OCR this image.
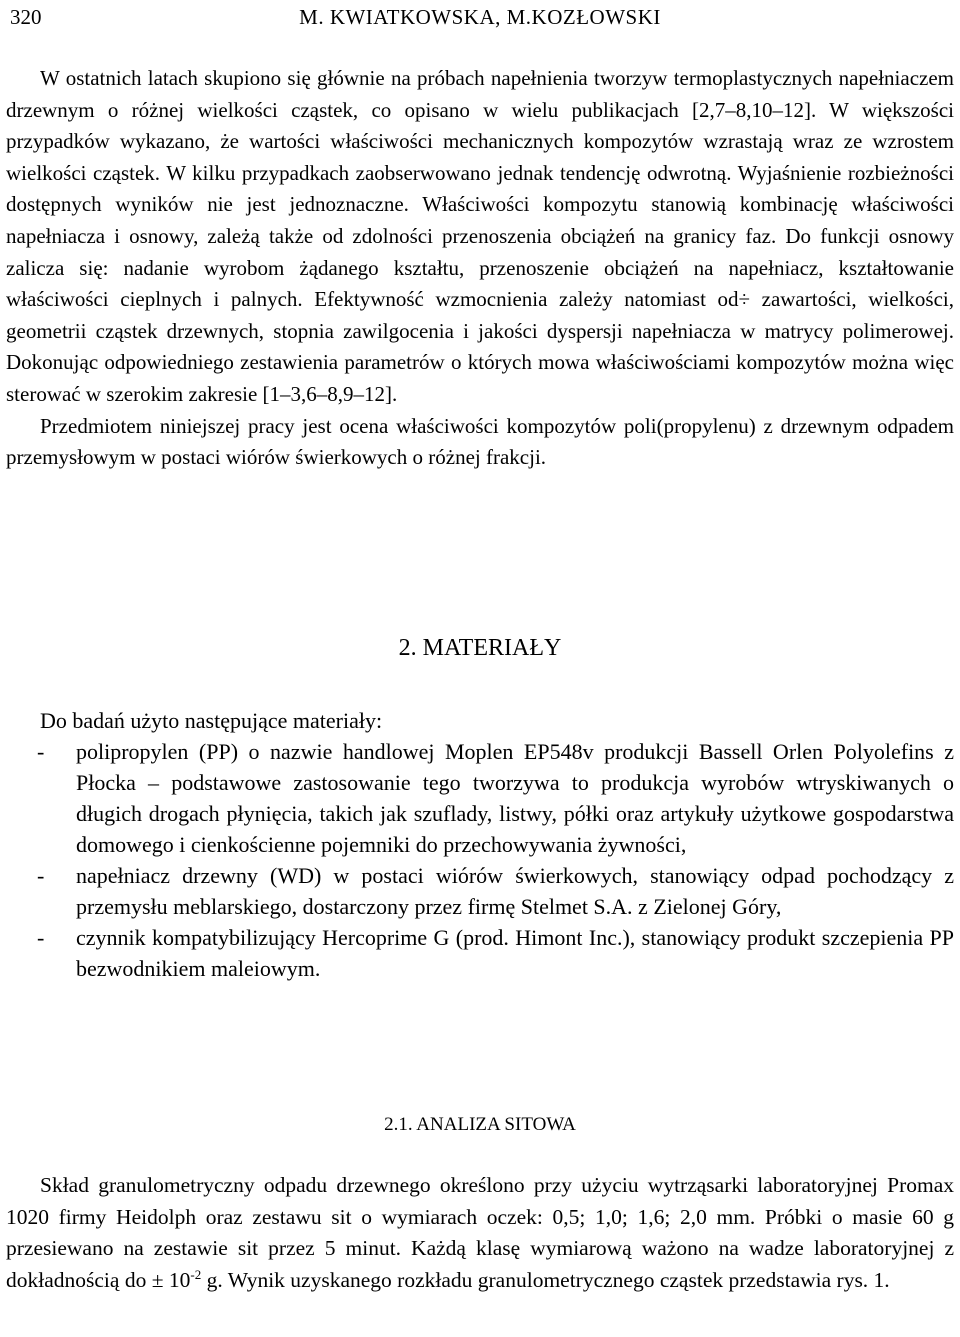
320	M. KWIATKOWSKA, M.KOZŁOWSKI

W ostatnich latach skupiono się głównie na próbach napełnienia tworzyw termoplastycznych napełniaczem drzewnym o różnej wielkości cząstek, co opisano w wielu publikacjach [2,7–8,10–12]. W większości przypadków wykazano, że wartości właściwości mechanicznych kompozytów wzrastają wraz ze wzrostem wielkości cząstek. W kilku przypadkach zaobserwowano jednak tendencję odwrotną. Wyjaśnienie rozbieżności dostępnych wyników nie jest jednoznaczne. Właściwości kompozytu stanowią kombinację właściwości napełniacza i osnowy, zależą także od zdolności przenoszenia obciążeń na granicy faz. Do funkcji osnowy zalicza się: nadanie wyrobom żądanego kształtu, przenoszenie obciążeń na napełniacz, kształtowanie właściwości cieplnych i palnych. Efektywność wzmocnienia zależy natomiast od÷ zawartości, wielkości, geometrii cząstek drzewnych, stopnia zawilgocenia i jakości dyspersji napełniacza w matrycy polimerowej. Dokonując odpowiedniego zestawienia parametrów o których mowa właściwościami kompozytów można więc sterować w szerokim zakresie [1–3,6–8,9–12].

Przedmiotem niniejszej pracy jest ocena właściwości kompozytów poli(propylenu) z drzewnym odpadem przemysłowym w postaci wiórów świerkowych o różnej frakcji.

2. MATERIAŁY

Do badań użyto następujące materiały:

- polipropylen (PP) o nazwie handlowej Moplen EP548v produkcji Bassell Orlen Polyolefins z Płocka – podstawowe zastosowanie tego tworzywa to produkcja wyrobów wtryskiwanych o długich drogach płynięcia, takich jak szuflady, listwy, półki oraz artykuły użytkowe gospodarstwa domowego i cienkościenne pojemniki do przechowywania żywności,
- napełniacz drzewny (WD) w postaci wiórów świerkowych, stanowiący odpad pochodzący z przemysłu meblarskiego, dostarczony przez firmę Stelmet S.A. z Zielonej Góry,
- czynnik kompatybilizujący Hercoprime G (prod. Himont Inc.), stanowiący produkt szczepienia PP bezwodnikiem maleiowym.
2.1. ANALIZA SITOWA

Skład granulometryczny odpadu drzewnego określono przy użyciu wytrząsarki laboratoryjnej Promax 1020 firmy Heidolph oraz zestawu sit o wymiarach oczek: 0,5; 1,0; 1,6; 2,0 mm. Próbki o masie 60 g przesiewano na zestawie sit przez 5 minut. Każdą klasę wymiarową ważono na wadze laboratoryjnej z dokładnością do ± $10^{-2}$ g. Wynik uzyskanego rozkładu granulometrycznego cząstek przedstawia rys. 1.
